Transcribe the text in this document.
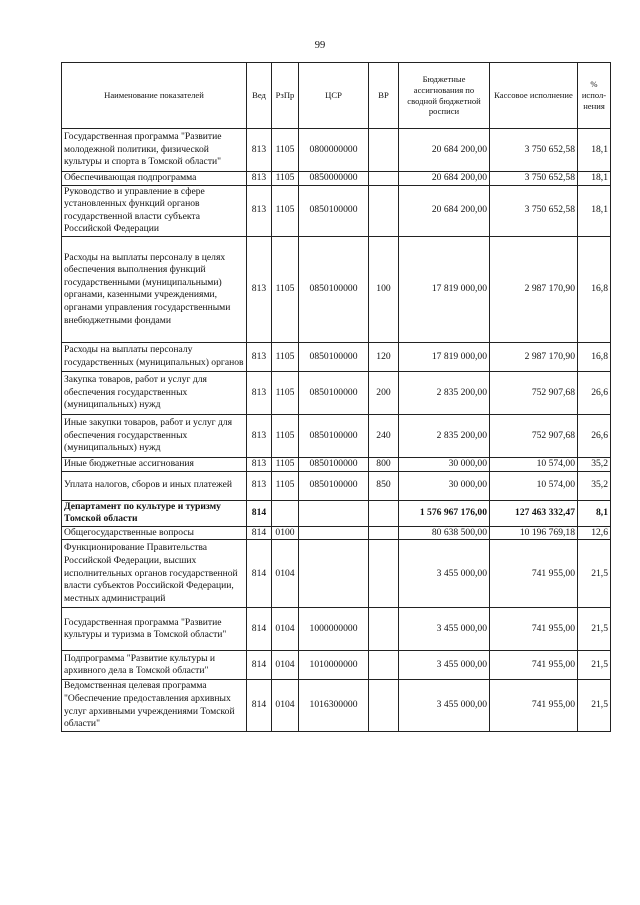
99
Наименование показателей	Вед	РзПр	ЦСР	ВР	Бюджетные ассигнования по сводной бюджетной росписи	Кассовое исполнение	% испол-нения
Государственная программа "Развитие молодежной политики, физической культуры и спорта в Томской области"	813	1105	0800000000		20 684 200,00	3 750 652,58	18,1
Обеспечивающая подпрограмма	813	1105	0850000000		20 684 200,00	3 750 652,58	18,1
Руководство и управление в сфере установленных функций органов государственной власти субъекта Российской Федерации	813	1105	0850100000		20 684 200,00	3 750 652,58	18,1
Расходы на выплаты персоналу в целях обеспечения выполнения функций государственными (муниципальными) органами, казенными учреждениями, органами управления государственными внебюджетными фондами	813	1105	0850100000	100	17 819 000,00	2 987 170,90	16,8
Расходы на выплаты персоналу государственных (муниципальных) органов	813	1105	0850100000	120	17 819 000,00	2 987 170,90	16,8
Закупка товаров, работ и услуг для обеспечения государственных (муниципальных) нужд	813	1105	0850100000	200	2 835 200,00	752 907,68	26,6
Иные закупки товаров, работ и услуг для обеспечения государственных (муниципальных) нужд	813	1105	0850100000	240	2 835 200,00	752 907,68	26,6
Иные бюджетные ассигнования	813	1105	0850100000	800	30 000,00	10 574,00	35,2
Уплата налогов, сборов и иных платежей	813	1105	0850100000	850	30 000,00	10 574,00	35,2
Департамент по культуре и туризму Томской области	814				1 576 967 176,00	127 463 332,47	8,1
Общегосударственные вопросы	814	0100			80 638 500,00	10 196 769,18	12,6
Функционирование Правительства Российской Федерации, высших исполнительных органов государственной власти субъектов Российской Федерации, местных администраций	814	0104			3 455 000,00	741 955,00	21,5
Государственная программа "Развитие культуры и туризма в Томской области"	814	0104	1000000000		3 455 000,00	741 955,00	21,5
Подпрограмма "Развитие культуры и архивного дела в Томской области"	814	0104	1010000000		3 455 000,00	741 955,00	21,5
Ведомственная целевая программа "Обеспечение предоставления архивных услуг архивными учреждениями Томской области"	814	0104	1016300000		3 455 000,00	741 955,00	21,5
